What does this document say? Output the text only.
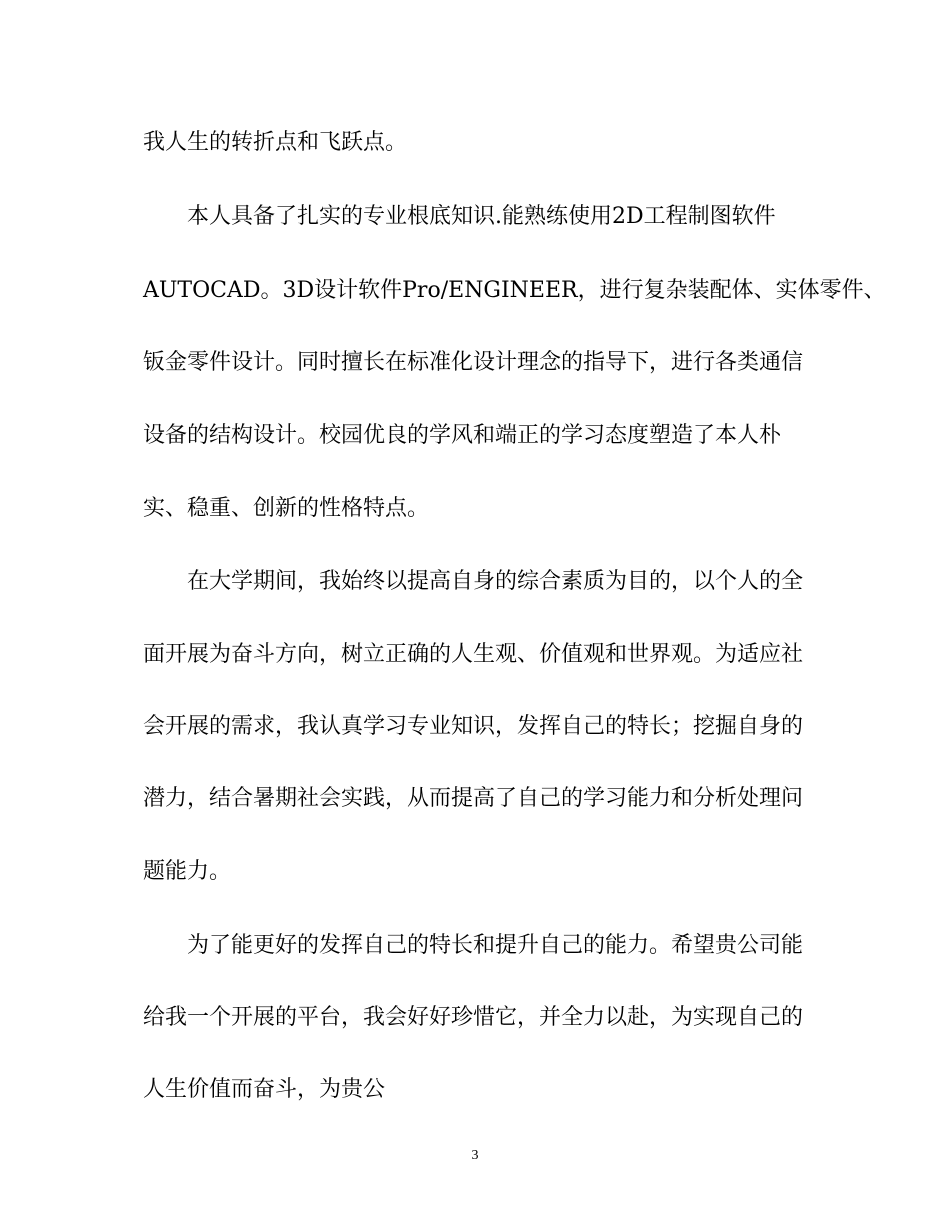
我人生的转折点和飞跃点。
本人具备了扎实的专业根底知识.能熟练使用2D工程制图软件
AUTOCAD。3D设计软件Pro/ENGINEER，进行复杂装配体、实体零件、
钣金零件设计。同时擅长在标准化设计理念的指导下，进行各类通信
设备的结构设计。校园优良的学风和端正的学习态度塑造了本人朴
实、稳重、创新的性格特点。
在大学期间，我始终以提高自身的综合素质为目的，以个人的全
面开展为奋斗方向，树立正确的人生观、价值观和世界观。为适应社
会开展的需求，我认真学习专业知识，发挥自己的特长；挖掘自身的
潜力，结合暑期社会实践，从而提高了自己的学习能力和分析处理问
题能力。
为了能更好的发挥自己的特长和提升自己的能力。希望贵公司能
给我一个开展的平台，我会好好珍惜它，并全力以赴，为实现自己的
人生价值而奋斗，为贵公
3
